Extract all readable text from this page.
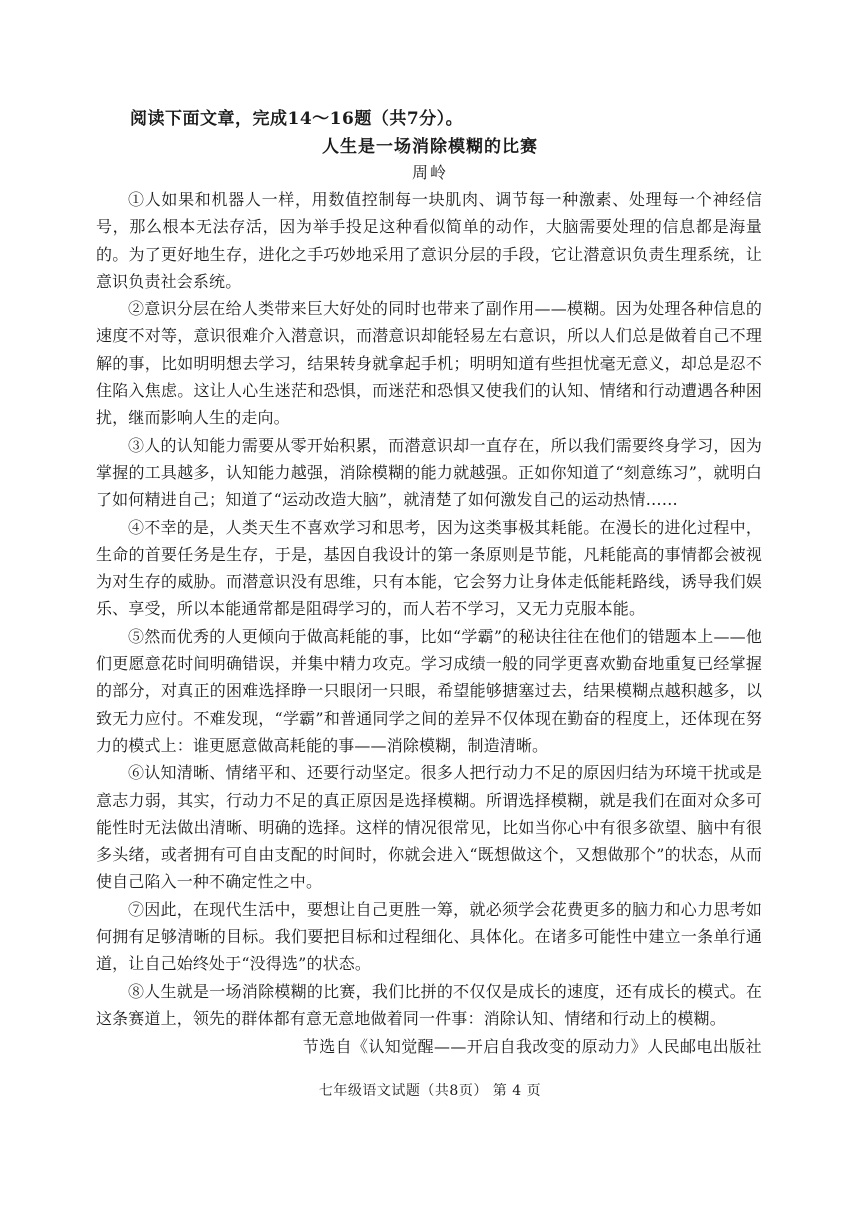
阅读下面文章，完成14～16题（共7分）。
人生是一场消除模糊的比赛
周岭

①人如果和机器人一样，用数值控制每一块肌肉、调节每一种激素、处理每一个神经信号，那么根本无法存活，因为举手投足这种看似简单的动作，大脑需要处理的信息都是海量的。为了更好地生存，进化之手巧妙地采用了意识分层的手段，它让潜意识负责生理系统，让意识负责社会系统。

②意识分层在给人类带来巨大好处的同时也带来了副作用——模糊。因为处理各种信息的速度不对等，意识很难介入潜意识，而潜意识却能轻易左右意识，所以人们总是做着自己不理解的事，比如明明想去学习，结果转身就拿起手机；明明知道有些担忧毫无意义，却总是忍不住陷入焦虑。这让人心生迷茫和恐惧，而迷茫和恐惧又使我们的认知、情绪和行动遭遇各种困扰，继而影响人生的走向。

③人的认知能力需要从零开始积累，而潜意识却一直存在，所以我们需要终身学习，因为掌握的工具越多，认知能力越强，消除模糊的能力就越强。正如你知道了“刻意练习”，就明白了如何精进自己；知道了“运动改造大脑”，就清楚了如何激发自己的运动热情……

④不幸的是，人类天生不喜欢学习和思考，因为这类事极其耗能。在漫长的进化过程中，生命的首要任务是生存，于是，基因自我设计的第一条原则是节能，凡耗能高的事情都会被视为对生存的威胁。而潜意识没有思维，只有本能，它会努力让身体走低能耗路线，诱导我们娱乐、享受，所以本能通常都是阻碍学习的，而人若不学习，又无力克服本能。

⑤然而优秀的人更倾向于做高耗能的事，比如“学霸”的秘诀往往在他们的错题本上——他们更愿意花时间明确错误，并集中精力攻克。学习成绩一般的同学更喜欢勤奋地重复已经掌握的部分，对真正的困难选择睁一只眼闭一只眼，希望能够搪塞过去，结果模糊点越积越多，以致无力应付。不难发现，“学霸”和普通同学之间的差异不仅体现在勤奋的程度上，还体现在努力的模式上：谁更愿意做高耗能的事——消除模糊，制造清晰。

⑥认知清晰、情绪平和、还要行动坚定。很多人把行动力不足的原因归结为环境干扰或是意志力弱，其实，行动力不足的真正原因是选择模糊。所谓选择模糊，就是我们在面对众多可能性时无法做出清晰、明确的选择。这样的情况很常见，比如当你心中有很多欲望、脑中有很多头绪，或者拥有可自由支配的时间时，你就会进入“既想做这个，又想做那个”的状态，从而使自己陷入一种不确定性之中。

⑦因此，在现代生活中，要想让自己更胜一筹，就必须学会花费更多的脑力和心力思考如何拥有足够清晰的目标。我们要把目标和过程细化、具体化。在诸多可能性中建立一条单行通道，让自己始终处于“没得选”的状态。

⑧人生就是一场消除模糊的比赛，我们比拼的不仅仅是成长的速度，还有成长的模式。在这条赛道上，领先的群体都有意无意地做着同一件事：消除认知、情绪和行动上的模糊。

节选自《认知觉醒——开启自我改变的原动力》人民邮电出版社
七年级语文试题（共8页） 第 4 页
